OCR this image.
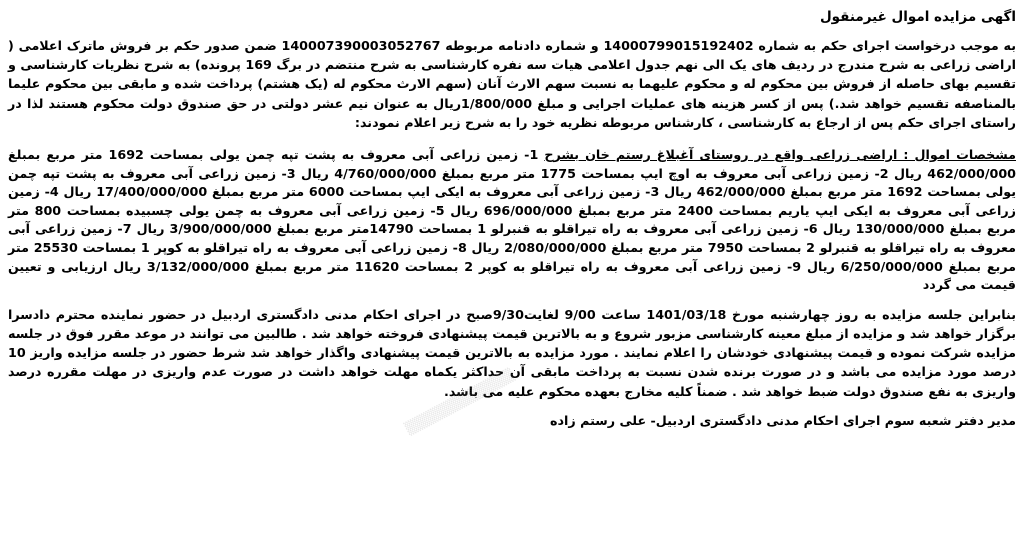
اگهی مزایده اموال غیرمنقول

به موجب درخواست اجرای حکم به شماره 14000799015192402 و شماره دادنامه مربوطه 140007390003052767 ضمن صدور حکم بر فروش ماترک اعلامی ( اراضی زراعی به شرح مندرج در ردیف های یک الی نهم جدول اعلامی هیات سه نفره کارشناسی به شرح منتضم در برگ 169 پرونده) به شرح نظریات کارشناسی و تقسیم بهای حاصله از فروش بین محکوم له و محکوم علیهما به نسبت سهم الارث آنان (سهم الارث محکوم له (یک هشتم) پرداخت شده و مابقی بین محکوم علیما بالمناصفه تقسیم خواهد شد.) پس از کسر هزینه های عملیات اجرایی و مبلغ 1/800/000ریال به عنوان نیم عشر دولتی در حق صندوق دولت محکوم هستند لذا در راستای اجرای حکم پس از ارجاع به کارشناسی ، کارشناس مربوطه نظریه خود را به شرح زیر اعلام نمودند:

مشخصات اموال : اراضی زراعی واقع در روستای آغبلاغ رستم خان بشرح 1- زمین زراعی آبی معروف به پشت تپه چمن یولی بمساحت 1692 متر مربع بمبلغ 462/000/000 ریال 2- زمین زراعی آبی معروف به اوچ ایپ بمساحت 1775 متر مربع بمبلغ 4/760/000/000 ریال 3- زمین زراعی آبی معروف به پشت تپه چمن یولی بمساحت 1692 متر مربع بمبلغ 462/000/000 ریال 3- زمین زراعی آبی معروف به ایکی ایپ بمساحت 6000 متر مربع بمبلغ 17/400/000/000 ریال 4- زمین زراعی آبی معروف به ایکی ایپ یاریم بمساحت 2400 متر مربع بمبلغ 696/000/000 ریال 5- زمین زراعی آبی معروف به چمن یولی چسبیده بمساحت 800 متر مربع بمبلغ 130/000/000 ریال 6- زمین زراعی آبی معروف به راه تیراقلو به قنبرلو 1 بمساحت 14790متر مربع بمبلغ 3/900/000/000 ریال 7- زمین زراعی آبی معروف به راه تیراقلو به قنبرلو 2 بمساحت 7950 متر مربع بمبلغ 2/080/000/000 ریال 8- زمین زراعی آبی معروف به راه تیراقلو به کوپر 1 بمساحت 25530 متر مربع بمبلغ 6/250/000/000 ریال 9- زمین زراعی آبی معروف به راه تیراقلو به کوپر 2 بمساحت 11620 متر مربع بمبلغ 3/132/000/000 ریال ارزیابی و تعیین قیمت می گردد

بنابراین جلسه مزایده به روز چهارشنبه مورخ 1401/03/18 ساعت 9/00 لغایت9/30صبح در اجرای احکام مدنی دادگستری اردبیل در حضور نماینده محترم دادسرا برگزار خواهد شد و مزایده از مبلغ معینه کارشناسی مزبور شروع و به بالاترین قیمت پیشنهادی فروخته خواهد شد . طالبین می توانند در موعد مقرر فوق در جلسه مزایده شرکت نموده و قیمت پیشنهادی خودشان را اعلام نمایند . مورد مزایده به بالاترین قیمت پیشنهادی واگذار خواهد شد شرط حضور در جلسه مزایده واریز 10 درصد مورد مزایده می باشد و در صورت برنده شدن نسبت به پرداخت مابقی آن حداکثر یکماه مهلت خواهد داشت در صورت عدم واریزی در مهلت مقرره درصد واریزی به نفع صندوق دولت ضبط خواهد شد . ضمناً کلیه مخارج بعهده محکوم علیه می باشد.

مدیر دفتر شعبه سوم اجرای احکام مدنی دادگستری اردبیل- علی رستم زاده
▒▒▒▒▒▒▒▒▒▒▒▒
